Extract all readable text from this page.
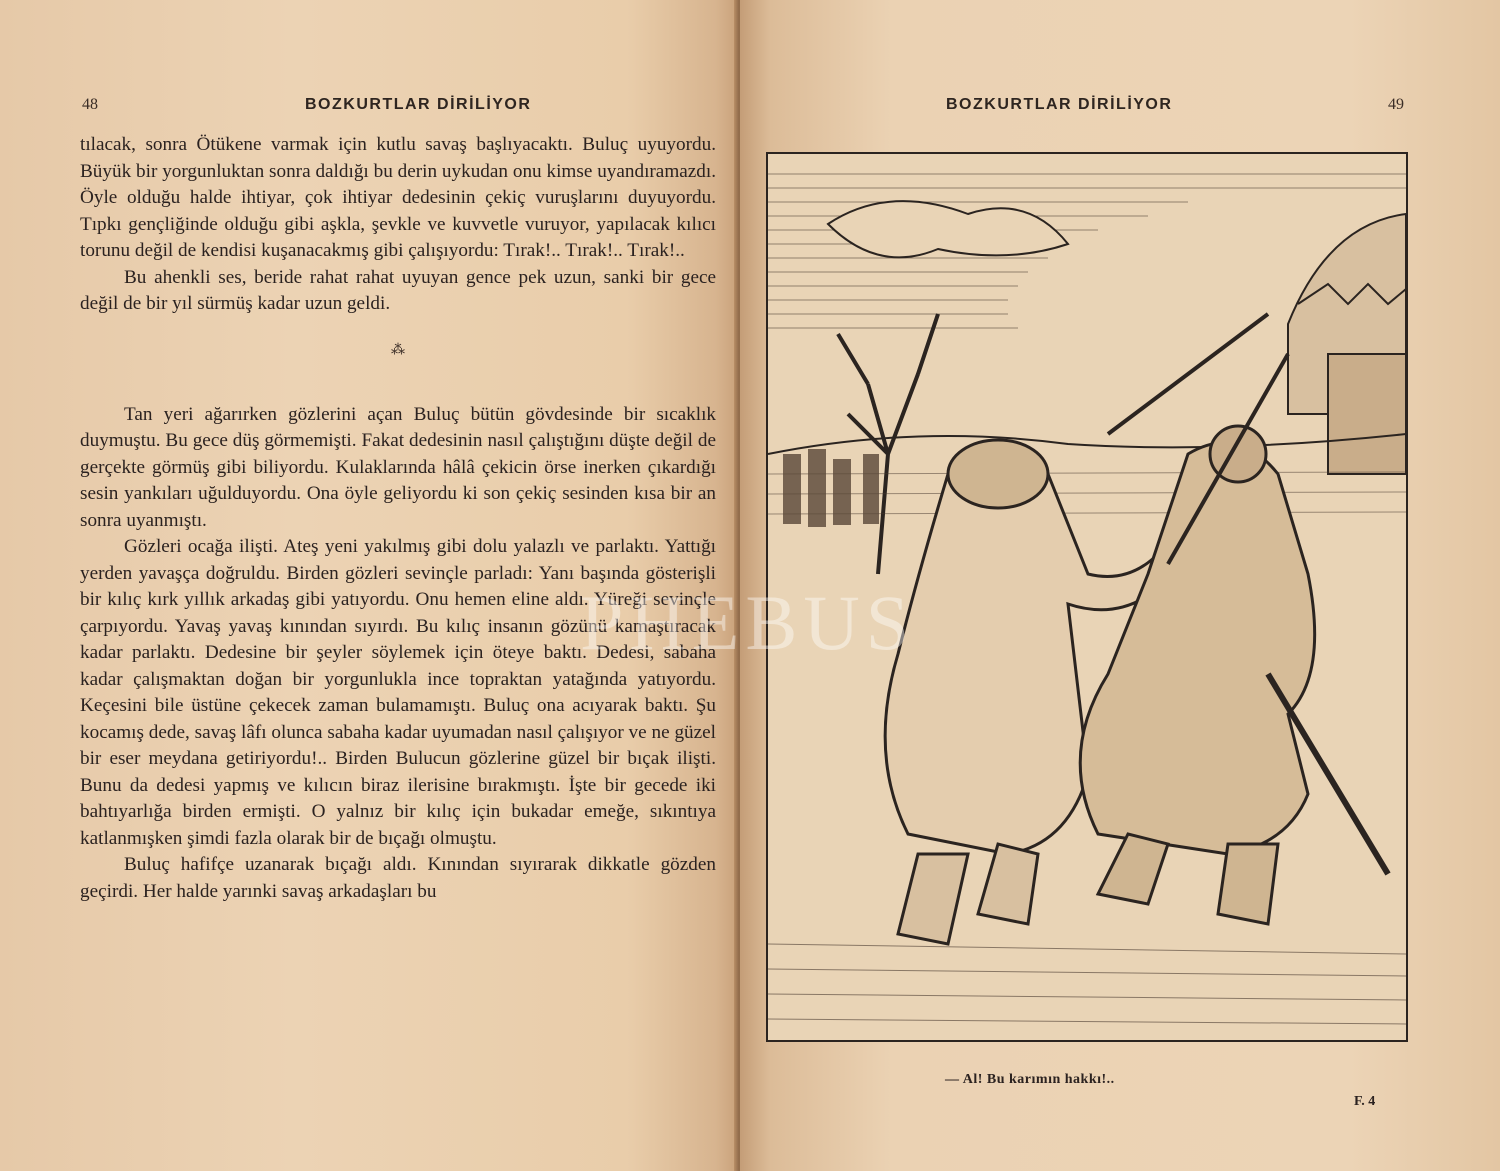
48	BOZKURTLAR DİRİLİYOR

tılacak, sonra Ötükene varmak için kutlu savaş başlıyacaktı. Buluç uyuyordu. Büyük bir yorgunluktan sonra daldığı bu derin uykudan onu kimse uyandıramazdı. Öyle olduğu halde ihtiyar, çok ihtiyar dedesinin çekiç vuruşlarını duyuyordu. Tıpkı gençliğinde olduğu gibi aşkla, şevkle ve kuvvetle vuruyor, yapılacak kılıcı torunu değil de kendisi kuşanacakmış gibi çalışıyordu: Tırak!.. Tırak!.. Tırak!..

Bu ahenkli ses, beride rahat rahat uyuyan gence pek uzun, sanki bir gece değil de bir yıl sürmüş kadar uzun geldi.

⁂

Tan yeri ağarırken gözlerini açan Buluç bütün gövdesinde bir sıcaklık duymuştu. Bu gece düş görmemişti. Fakat dedesinin nasıl çalıştığını düşte değil de gerçekte görmüş gibi biliyordu. Kulaklarında hâlâ çekicin örse inerken çıkardığı sesin yankıları uğulduyordu. Ona öyle geliyordu ki son çekiç sesinden kısa bir an sonra uyanmıştı.

Gözleri ocağa ilişti. Ateş yeni yakılmış gibi dolu yalazlı ve parlaktı. Yattığı yerden yavaşça doğruldu. Birden gözleri sevinçle parladı: Yanı başında gösterişli bir kılıç kırk yıllık arkadaş gibi yatıyordu. Onu hemen eline aldı. Yüreği sevinçle çarpıyordu. Yavaş yavaş kınından sıyırdı. Bu kılıç insanın gözünü kamaştıracak kadar parlaktı. Dedesine bir şeyler söylemek için öteye baktı. Dedesi, sabaha kadar çalışmaktan doğan bir yorgunlukla ince topraktan yatağında yatıyordu. Keçesini bile üstüne çekecek zaman bulamamıştı. Buluç ona acıyarak baktı. Şu kocamış dede, savaş lâfı olunca sabaha kadar uyumadan nasıl çalışıyor ve ne güzel bir eser meydana getiriyordu!.. Birden Bulucun gözlerine güzel bir bıçak ilişti. Bunu da dedesi yapmış ve kılıcın biraz ilerisine bırakmıştı. İşte bir gecede iki bahtıyarlığa birden ermişti. O yalnız bir kılıç için bukadar emeğe, sıkıntıya katlanmışken şimdi fazla olarak bir de bıçağı olmuştu.

Buluç hafifçe uzanarak bıçağı aldı. Kınından sıyırarak dikkatle gözden geçirdi. Her halde yarınki savaş arkadaşları bu

BOZKURTLAR DİRİLİYOR	49
PHEBUS
— Al! Bu karımın hakkı!..
F. 4
